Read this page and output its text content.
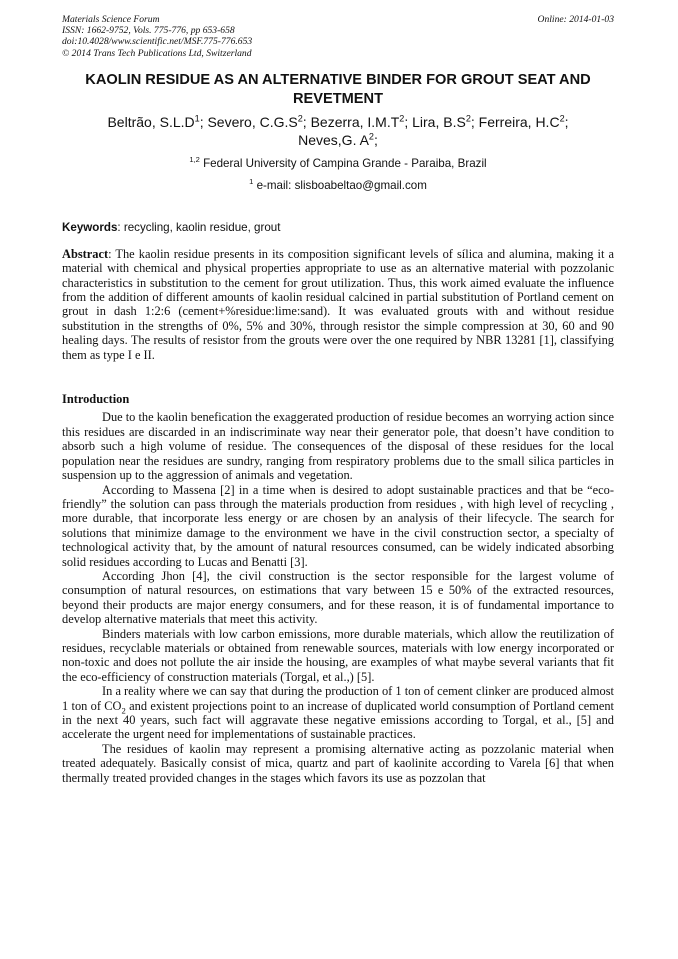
Materials Science Forum
ISSN: 1662-9752, Vols. 775-776, pp 653-658
doi:10.4028/www.scientific.net/MSF.775-776.653
© 2014 Trans Tech Publications Ltd, Switzerland
Online: 2014-01-03
KAOLIN RESIDUE AS AN ALTERNATIVE BINDER FOR GROUT SEAT AND REVETMENT
Beltrão, $S.L.D^1$; Severo, $C.G.S^2$; Bezerra, $I.M.T^2$; Lira, $B.S^2$; Ferreira, $H.C^2$;
Neves,G. $A^2$;
$^{1,2}$ Federal University of Campina Grande - Paraiba, Brazil
$^1$ e-mail: slisboabeltao@gmail.com
Keywords: recycling, kaolin residue, grout
Abstract: The kaolin residue presents in its composition significant levels of sílica and alumina, making it a material with chemical and physical properties appropriate to use as an alternative material with pozzolanic characteristics in substitution to the cement for grout utilization. Thus, this work aimed evaluate the influence from the addition of different amounts of kaolin residual calcined in partial substitution of Portland cement on grout in dash 1:2:6 (cement+%residue:lime:sand). It was evaluated grouts with and without residue substitution in the strengths of 0%, 5% and 30%, through resistor the simple compression at 30, 60 and 90 healing days. The results of resistor from the grouts were over the one required by NBR 13281 [1], classifying them as type I e II.
Introduction

Due to the kaolin benefication the exaggerated production of residue becomes an worrying action since this residues are discarded in an indiscriminate way near their generator pole, that doesn’t have condition to absorb such a high volume of residue. The consequences of the disposal of these residues for the local population near the residues are sundry, ranging from respiratory problems due to the small silica particles in suspension up to the aggression of animals and vegetation.

According to Massena [2] in a time when is desired to adopt sustainable practices and that be “eco-friendly” the solution can pass through the materials production from residues , with high level of recycling , more durable, that incorporate less energy or are chosen by an analysis of their lifecycle. The search for solutions that minimize damage to the environment we have in the civil construction sector, a specialty of technological activity that, by the amount of natural resources consumed, can be widely indicated absorbing solid residues according to Lucas and Benatti [3].

According Jhon [4], the civil construction is the sector responsible for the largest volume of consumption of natural resources, on estimations that vary between 15 e 50% of the extracted resources, beyond their products are major energy consumers, and for these reason, it is of fundamental importance to develop alternative materials that meet this activity.

Binders materials with low carbon emissions, more durable materials, which allow the reutilization of residues, recyclable materials or obtained from renewable sources, materials with low energy incorporated or non-toxic and does not pollute the air inside the housing, are examples of what maybe several variants that fit the eco-efficiency of construction materials (Torgal, et al.,) [5].

In a reality where we can say that during the production of 1 ton of cement clinker are produced almost 1 ton of $CO_2$ and existent projections point to an increase of duplicated world consumption of Portland cement in the next 40 years, such fact will aggravate these negative emissions according to Torgal, et al., [5] and accelerate the urgent need for implementations of sustainable practices.

The residues of kaolin may represent a promising alternative acting as pozzolanic material when treated adequately. Basically consist of mica, quartz and part of kaolinite according to Varela [6] that when thermally treated provided changes in the stages which favors its use as pozzolan that
